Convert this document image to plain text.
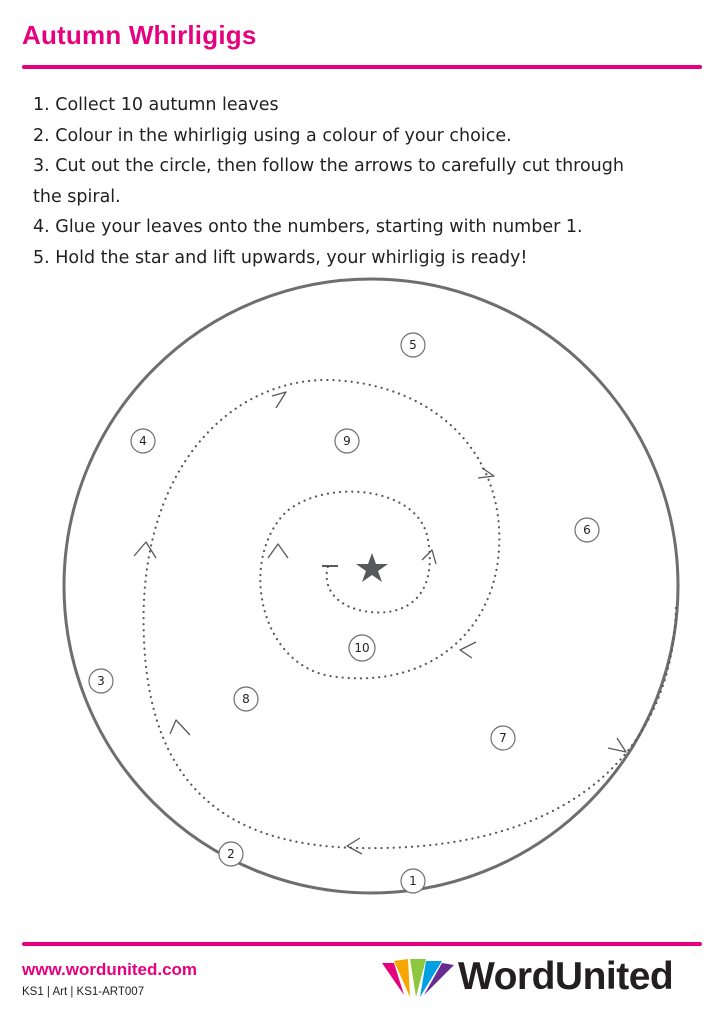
Autumn Whirligigs
1. Collect 10 autumn leaves
2. Colour in the whirligig using a colour of your choice.
3. Cut out the circle, then follow the arrows to carefully cut through
the spiral.
4. Glue your leaves onto the numbers, starting with number 1.
5. Hold the star and lift upwards, your whirligig is ready!
1
2
3
4
5
6
7
8
9
10
www.wordunited.com
KS1 | Art | KS1-ART007	WordUnited
